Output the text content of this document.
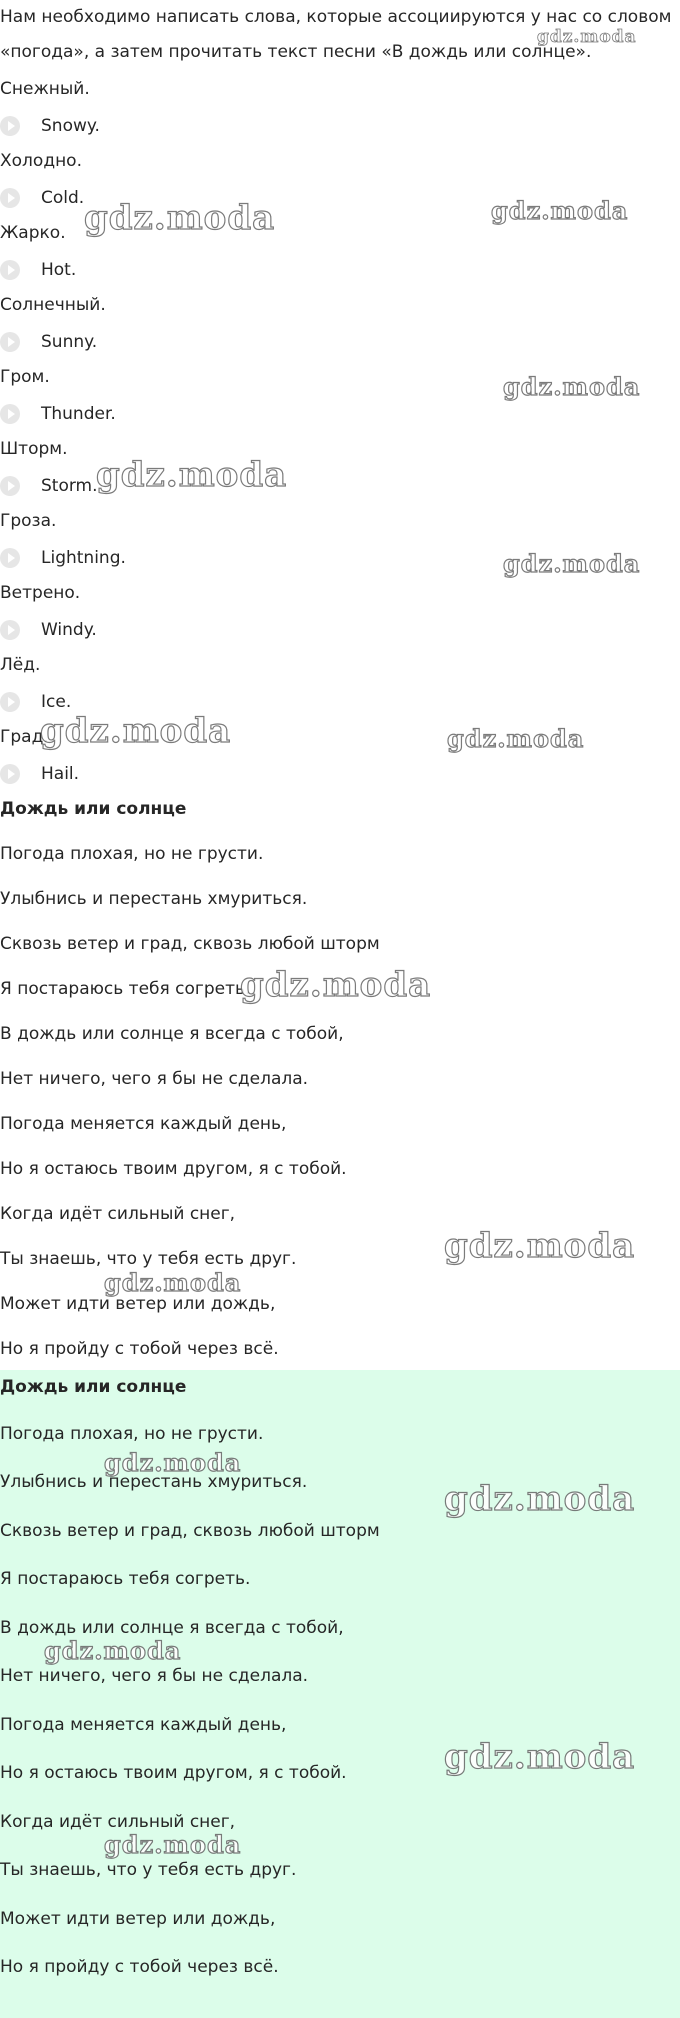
Нам необходимо написать слова, которые ассоциируются у нас со словом
«погода», а затем прочитать текст песни «В дождь или солнце».
Снежный.
Snowy.
Холодно.
Cold.
Жарко.
Hot.
Солнечный.
Sunny.
Гром.
Thunder.
Шторм.
Storm.
Гроза.
Lightning.
Ветрено.
Windy.
Лёд.
Ice.
Град.
Hail.
Дождь или солнце
Погода плохая, но не грусти.
Улыбнись и перестань хмуриться.
Сквозь ветер и град, сквозь любой шторм
Я постараюсь тебя согреть.
В дождь или солнце я всегда с тобой,
Нет ничего, чего я бы не сделала.
Погода меняется каждый день,
Но я остаюсь твоим другом, я с тобой.
Когда идёт сильный снег,
Ты знаешь, что у тебя есть друг.
Может идти ветер или дождь,
Но я пройду с тобой через всё.
Дождь или солнце
Погода плохая, но не грусти.
Улыбнись и перестань хмуриться.
Сквозь ветер и град, сквозь любой шторм
Я постараюсь тебя согреть.
В дождь или солнце я всегда с тобой,
Нет ничего, чего я бы не сделала.
Погода меняется каждый день,
Но я остаюсь твоим другом, я с тобой.
Когда идёт сильный снег,
Ты знаешь, что у тебя есть друг.
Может идти ветер или дождь,
Но я пройду с тобой через всё.
gdz.moda
gdz.moda	gdz.moda
gdz.moda
gdz.moda
gdz.moda
gdz.moda	gdz.moda
gdz.moda
gdz.moda
gdz.moda
gdz.moda
gdz.moda
gdz.moda
gdz.moda
gdz.moda
